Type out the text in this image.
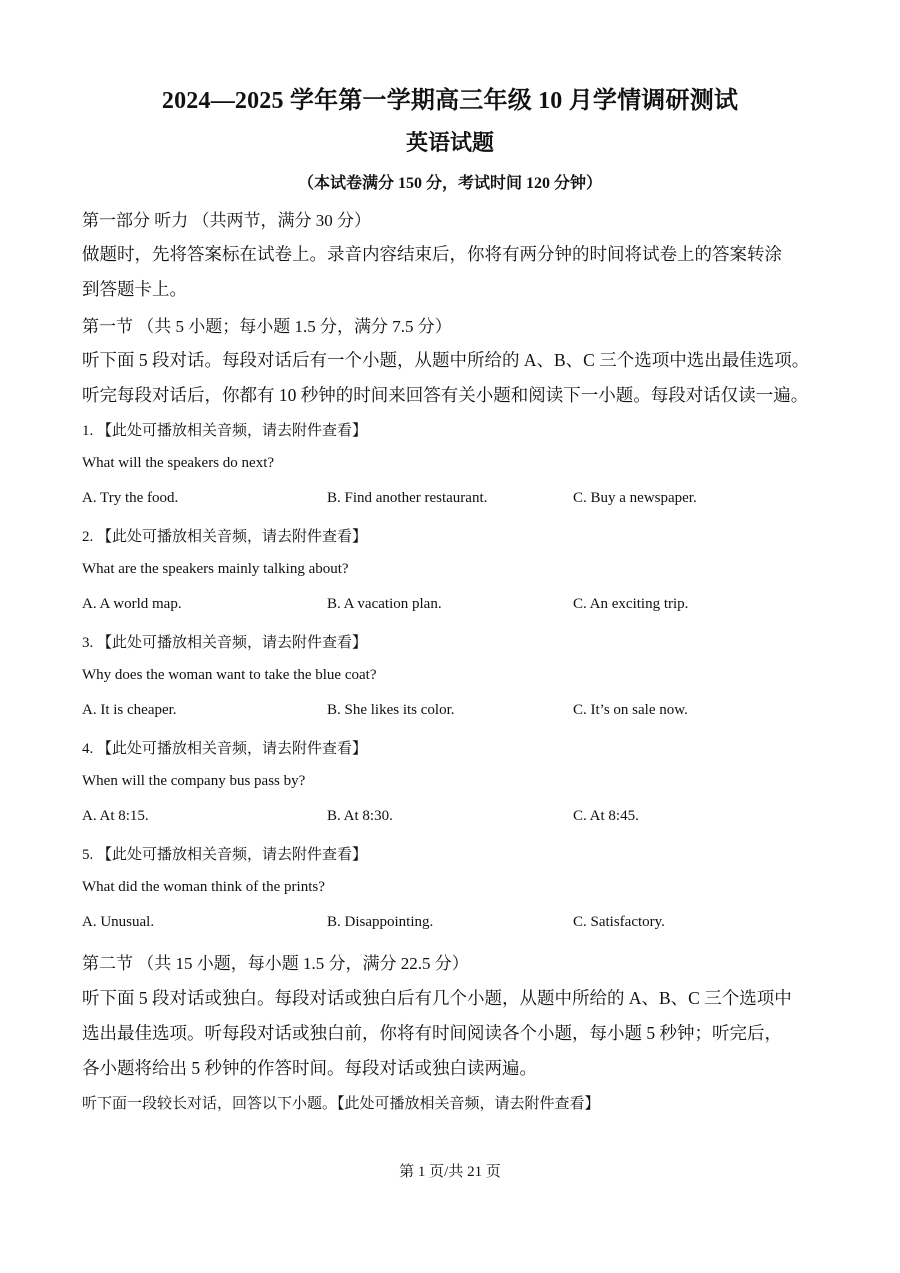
2024—2025 学年第一学期高三年级 10 月学情调研测试
英语试题
（本试卷满分 150 分，考试时间 120 分钟）
第一部分 听力 （共两节，满分 30 分）
做题时，先将答案标在试卷上。录音内容结束后，你将有两分钟的时间将试卷上的答案转涂
到答题卡上。
第一节 （共 5 小题；每小题 1.5 分，满分 7.5 分）
听下面 5 段对话。每段对话后有一个小题，从题中所给的 A、B、C 三个选项中选出最佳选项。
听完每段对话后，你都有 10 秒钟的时间来回答有关小题和阅读下一小题。每段对话仅读一遍。
1. 【此处可播放相关音频，请去附件查看】
What will the speakers do next?
A. Try the food.	B. Find another restaurant.	C. Buy a newspaper.
2. 【此处可播放相关音频，请去附件查看】
What are the speakers mainly talking about?
A. A world map.	B. A vacation plan.	C. An exciting trip.
3. 【此处可播放相关音频，请去附件查看】
Why does the woman want to take the blue coat?
A. It is cheaper.	B. She likes its color.	C. It’s on sale now.
4. 【此处可播放相关音频，请去附件查看】
When will the company bus pass by?
A. At 8:15.	B. At 8:30.	C. At 8:45.
5. 【此处可播放相关音频，请去附件查看】
What did the woman think of the prints?
A. Unusual.	B. Disappointing.	C. Satisfactory.
第二节 （共 15 小题，每小题 1.5 分，满分 22.5 分）
听下面 5 段对话或独白。每段对话或独白后有几个小题，从题中所给的 A、B、C 三个选项中
选出最佳选项。听每段对话或独白前，你将有时间阅读各个小题，每小题 5 秒钟；听完后，
各小题将给出 5 秒钟的作答时间。每段对话或独白读两遍。
听下面一段较长对话，回答以下小题。【此处可播放相关音频，请去附件查看】
第 1 页/共 21 页
